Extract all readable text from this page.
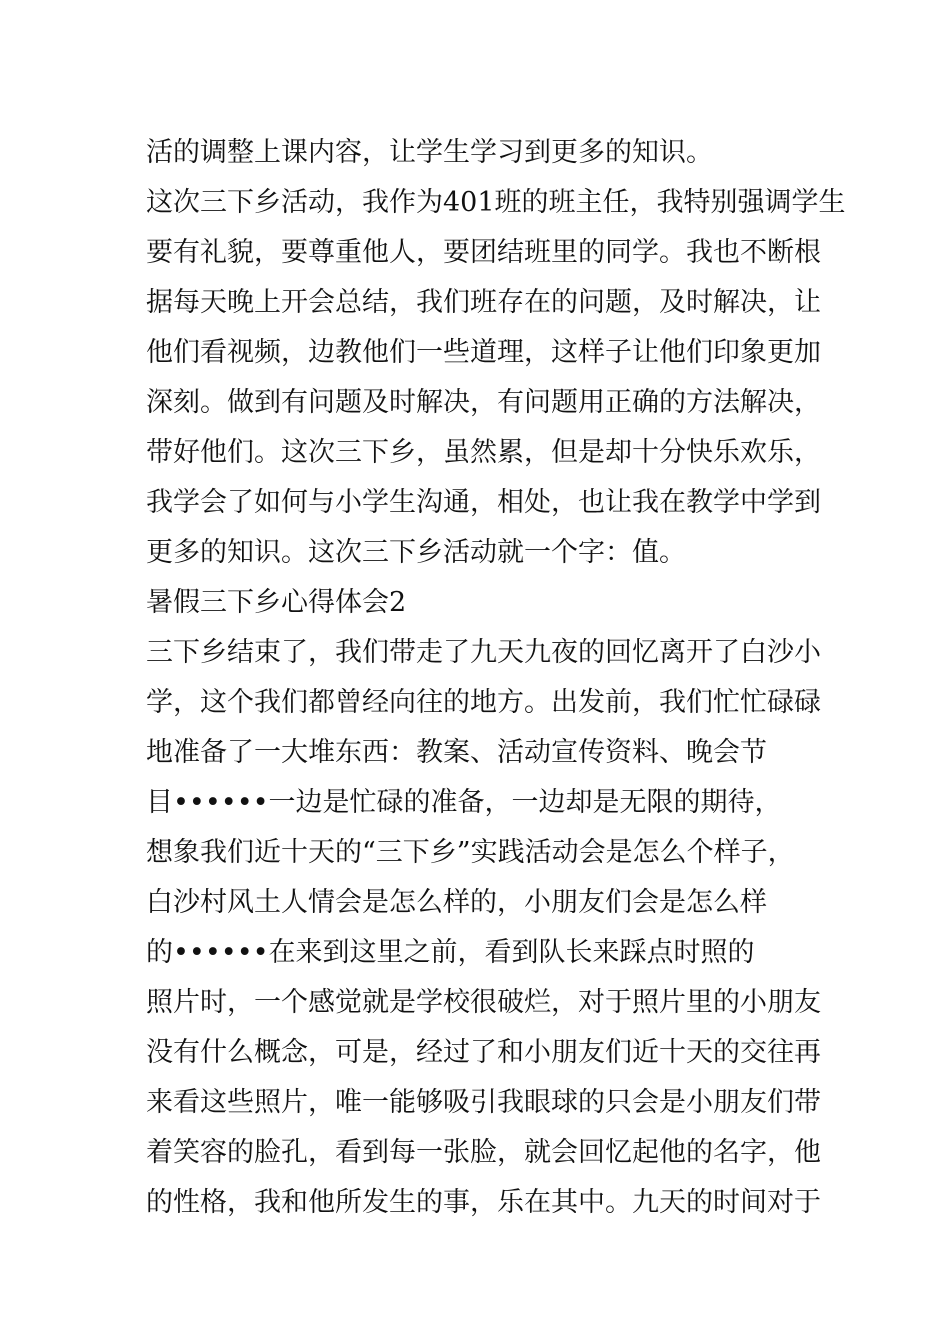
活的调整上课内容，让学生学习到更多的知识。
这次三下乡活动，我作为401班的班主任，我特别强调学生
要有礼貌，要尊重他人，要团结班里的同学。我也不断根
据每天晚上开会总结，我们班存在的问题，及时解决，让
他们看视频，边教他们一些道理，这样子让他们印象更加
深刻。做到有问题及时解决，有问题用正确的方法解决，
带好他们。这次三下乡，虽然累，但是却十分快乐欢乐，
我学会了如何与小学生沟通，相处，也让我在教学中学到
更多的知识。这次三下乡活动就一个字：值。
暑假三下乡心得体会2
三下乡结束了，我们带走了九天九夜的回忆离开了白沙小
学，这个我们都曾经向往的地方。出发前，我们忙忙碌碌
地准备了一大堆东西：教案、活动宣传资料、晚会节
目••••••一边是忙碌的准备，一边却是无限的期待，
想象我们近十天的“三下乡”实践活动会是怎么个样子，
白沙村风土人情会是怎么样的，小朋友们会是怎么样
的••••••在来到这里之前，看到队长来踩点时照的
照片时，一个感觉就是学校很破烂，对于照片里的小朋友
没有什么概念，可是，经过了和小朋友们近十天的交往再
来看这些照片，唯一能够吸引我眼球的只会是小朋友们带
着笑容的脸孔，看到每一张脸，就会回忆起他的名字，他
的性格，我和他所发生的事，乐在其中。九天的时间对于
